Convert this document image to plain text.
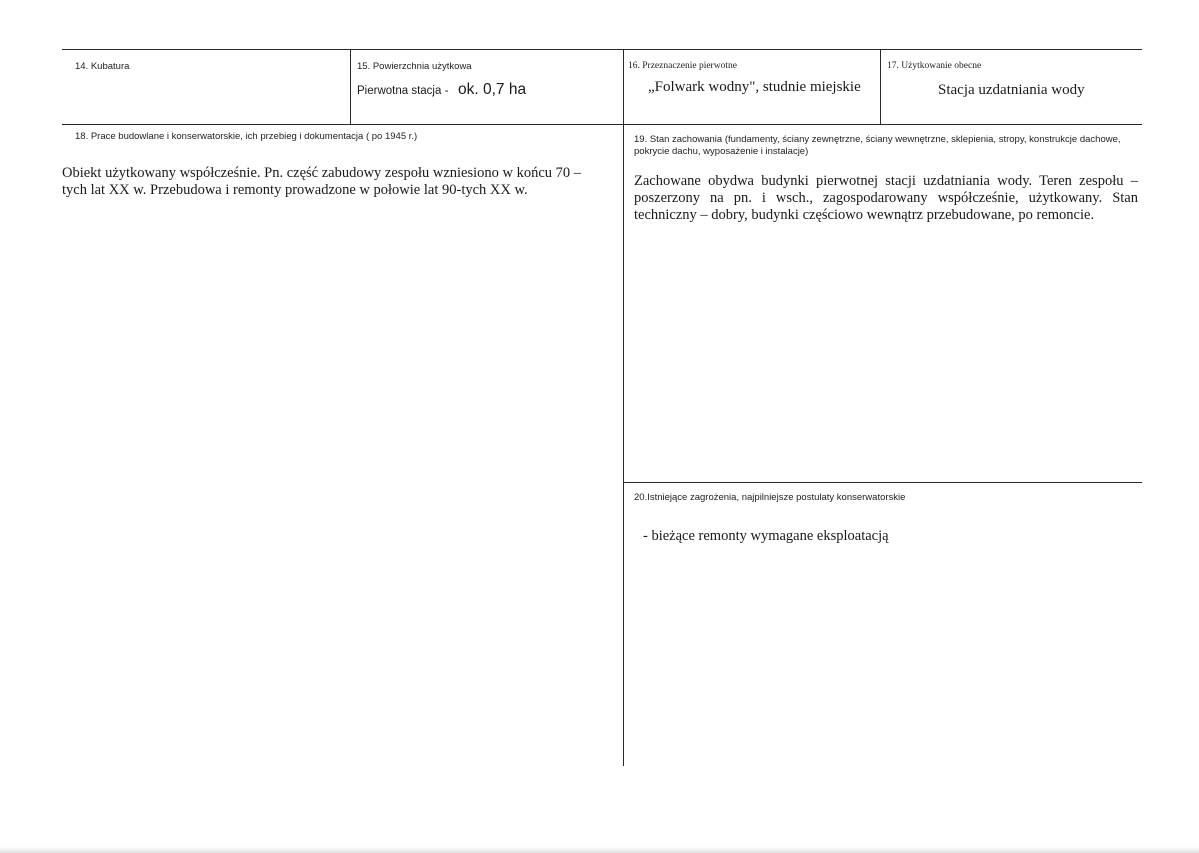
14. Kubatura	15. Powierzchnia użytkowa
Pierwotna stacja - ok. 0,7 ha
16. Przeznaczenie pierwotne
„Folwark wodny", studnie miejskie
17. Użytkowanie obecne
Stacja uzdatniania wody
18. Prace budowlane i konserwatorskie, ich przebieg i dokumentacja ( po 1945 r.)
Obiekt użytkowany współcześnie. Pn. część zabudowy zespołu wzniesiono w końcu 70 – tych lat XX w. Przebudowa i remonty prowadzone w połowie lat 90-tych XX w.
19. Stan zachowania (fundamenty, ściany zewnętrzne, ściany wewnętrzne, sklepienia, stropy, konstrukcje dachowe, pokrycie dachu, wyposażenie i instalacje)
Zachowane obydwa budynki pierwotnej stacji uzdatniania wody. Teren zespołu – poszerzony na pn. i wsch., zagospodarowany współcześnie, użytkowany. Stan techniczny – dobry, budynki częściowo wewnątrz przebudowane, po remoncie.
20.Istniejące zagrożenia, najpilniejsze postulaty konserwatorskie
- bieżące remonty wymagane eksploatacją
